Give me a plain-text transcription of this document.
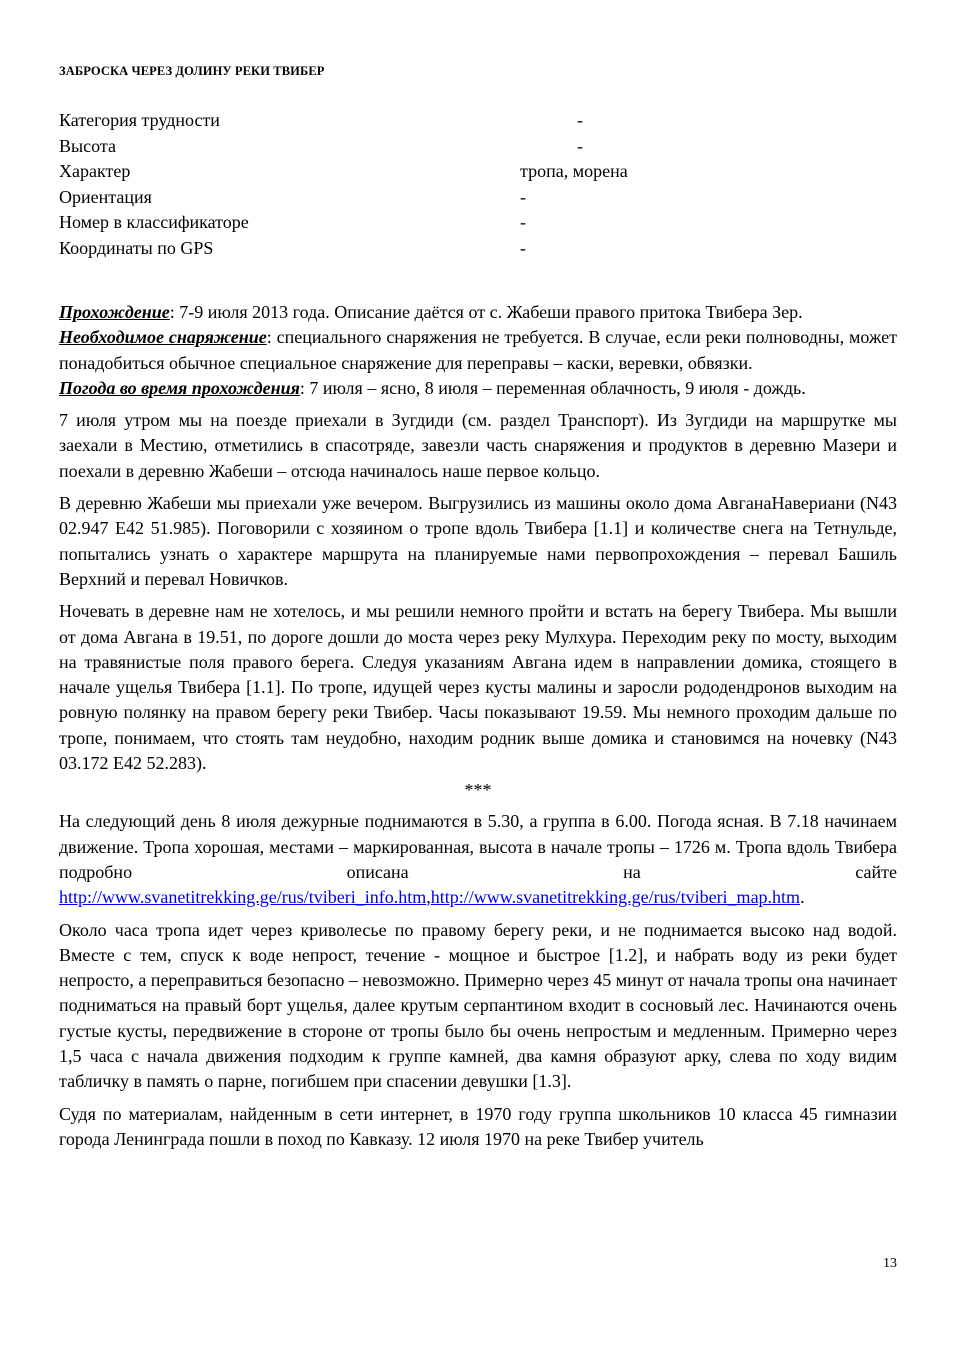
ЗАБРОСКА ЧЕРЕЗ ДОЛИНУ РЕКИ ТВИБЕР
Категория трудности	-
Высота	-
Характер	тропа, морена
Ориентация	-
Номер в классификаторе	-
Координаты по GPS	-

Прохождение: 7-9 июля 2013 года. Описание даётся от с. Жабеши правого притока Твибера Зер.

Необходимое снаряжение: специального снаряжения не требуется. В случае, если реки полноводны, может понадобиться обычное специальное снаряжение для переправы – каски, веревки, обвязки.

Погода во время прохождения: 7 июля – ясно, 8 июля – переменная облачность, 9 июля - дождь.

7 июля утром мы на поезде приехали в Зугдиди (см. раздел Транспорт). Из Зугдиди на маршрутке мы заехали в Местию, отметились в спасотряде, завезли часть снаряжения и продуктов в деревню Мазери и поехали в деревню Жабеши – отсюда начиналось наше первое кольцо.

В деревню Жабеши мы приехали уже вечером. Выгрузились из машины около дома АвганаНавериани (N43 02.947 E42 51.985). Поговорили с хозяином о тропе вдоль Твибера [1.1] и количестве снега на Тетнульде, попытались узнать о характере маршрута на планируемые нами первопрохождения – перевал Башиль Верхний и перевал Новичков.

Ночевать в деревне нам не хотелось, и мы решили немного пройти и встать на берегу Твибера. Мы вышли от дома Авгана в 19.51, по дороге дошли до моста через реку Мулхура. Переходим реку по мосту, выходим на травянистые поля правого берега. Следуя указаниям Авгана идем в направлении домика, стоящего в начале ущелья Твибера [1.1]. По тропе, идущей через кусты малины и заросли рододендронов выходим на ровную полянку на правом берегу реки Твибер. Часы показывают 19.59. Мы немного проходим дальше по тропе, понимаем, что стоять там неудобно, находим родник выше домика и становимся на ночевку (N43 03.172 E42 52.283).

***

На следующий день 8 июля дежурные поднимаются в 5.30, а группа в 6.00. Погода ясная. В 7.18 начинаем движение. Тропа хорошая, местами – маркированная, высота в начале тропы – 1726 м. Тропа вдоль Твибера подробно описана на сайте
http://www.svanetitrekking.ge/rus/tviberi_info.htm,http://www.svanetitrekking.ge/rus/tviberi_map.htm.

Около часа тропа идет через криволесье по правому берегу реки, и не поднимается высоко над водой. Вместе с тем, спуск к воде непрост, течение - мощное и быстрое [1.2], и набрать воду из реки будет непросто, а переправиться безопасно – невозможно. Примерно через 45 минут от начала тропы она начинает подниматься на правый борт ущелья, далее крутым серпантином входит в сосновый лес. Начинаются очень густые кусты, передвижение в стороне от тропы было бы очень непростым и медленным. Примерно через 1,5 часа с начала движения подходим к группе камней, два камня образуют арку, слева по ходу видим табличку в память о парне, погибшем при спасении девушки [1.3].

Судя по материалам, найденным в сети интернет, в 1970 году группа школьников 10 класса 45 гимназии города Ленинграда пошли в поход по Кавказу. 12 июля 1970 на реке Твибер учитель

13
